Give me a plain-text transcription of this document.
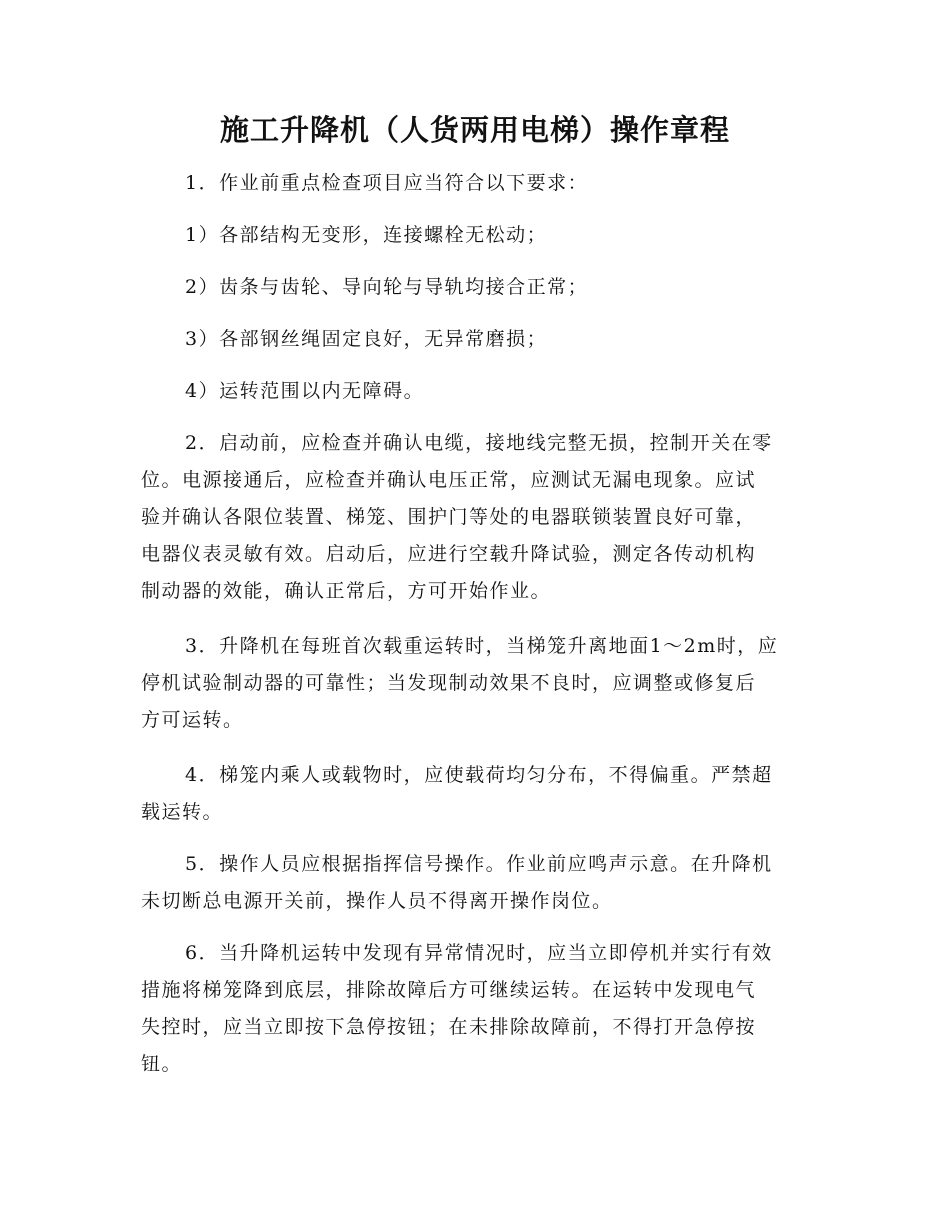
施工升降机（人货两用电梯）操作章程
1．作业前重点检查项目应当符合以下要求：
1）各部结构无变形，连接螺栓无松动；
2）齿条与齿轮、导向轮与导轨均接合正常；
3）各部钢丝绳固定良好，无异常磨损；
4）运转范围以内无障碍。
2．启动前，应检查并确认电缆，接地线完整无损，控制开关在零
位。电源接通后，应检查并确认电压正常，应测试无漏电现象。应试
验并确认各限位装置、梯笼、围护门等处的电器联锁装置良好可靠，
电器仪表灵敏有效。启动后，应进行空载升降试验，测定各传动机构
制动器的效能，确认正常后，方可开始作业。
3．升降机在每班首次载重运转时，当梯笼升离地面1～2m时，应
停机试验制动器的可靠性；当发现制动效果不良时，应调整或修复后
方可运转。
4．梯笼内乘人或载物时，应使载荷均匀分布，不得偏重。严禁超
载运转。
5．操作人员应根据指挥信号操作。作业前应鸣声示意。在升降机
未切断总电源开关前，操作人员不得离开操作岗位。
6．当升降机运转中发现有异常情况时，应当立即停机并实行有效
措施将梯笼降到底层，排除故障后方可继续运转。在运转中发现电气
失控时，应当立即按下急停按钮；在未排除故障前，不得打开急停按
钮。
